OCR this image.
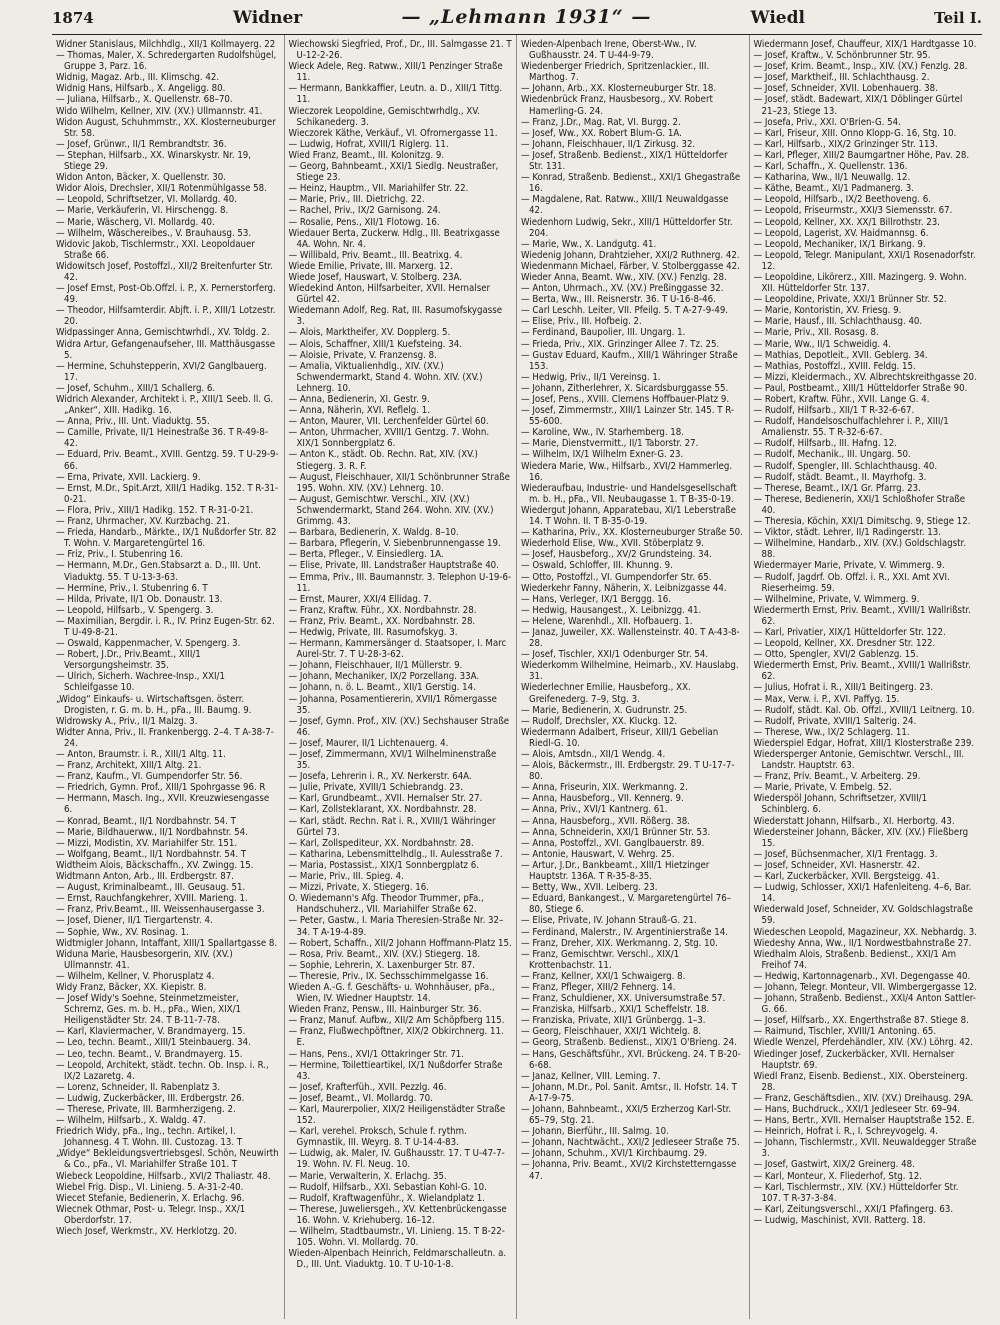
1874	Widner	— „Lehmann 1931“ —	Wiedl	Teil I.

Widner Stanislaus, Milchhdlg., XII/1 Kollmayerg. 22

— Thomas, Maler, X. Schredergarten Rudolfshügel, Gruppe 3, Parz. 16.

Widnig, Magaz. Arb., III. Klimschg. 42.

Widnig Hans, Hilfsarb., X. Angeligg. 80.

— Juliana, Hilfsarb., X. Quellenstr. 68–70.

Wido Wilhelm, Kellner, XIV. (XV.) Ullmannstr. 41.

Widon August, Schuhmmstr., XX. Klosterneuburger Str. 58.

— Josef, Grünwr., II/1 Rembrandtstr. 36.

— Stephan, Hilfsarb., XX. Winarskystr. Nr. 19, Stiege 29.

Widon Anton, Bäcker, X. Quellenstr. 30.

Widor Alois, Drechsler, XII/1 Rotenmühlgasse 58.

— Leopold, Schriftsetzer, VI. Mollardg. 40.

— Marie, Verkäuferin, VI. Hirschengg. 8.

— Marie, Wäscherg, VI. Mollardg. 40.

— Wilhelm, Wäschereibes., V. Brauhausg. 53.

Widovic Jakob, Tischlermstr., XXI. Leopoldauer Straße 66.

Widowitsch Josef, Postoffzl., XII/2 Breitenfurter Str. 42.

— Josef Ernst, Post-Ob.Offzl. i. P., X. Pernerstorferg. 49.

— Theodor, Hilfsamterdir. Abjft. i. P., XIII/1 Lotzestr. 20.

Widpassinger Anna, Gemischtwrhdl., XV. Toldg. 2.

Widra Artur, Gefangenaufseher, III. Matthäusgasse 5.

— Hermine, Schuhstepperin, XVI/2 Ganglbauerg. 17.

— Josef, Schuhm., XIII/1 Schallerg. 6.

Widrich Alexander, Architekt i. P., XIII/1 Seeb. ll. G. „Anker“, XIII. Hadikg. 16.

— Anna, Priv., III. Unt. Viaduktg. 55.

— Camille, Private, II/1 Heinestraße 36. T R-49-8-42.

— Eduard, Priv. Beamt., XVIII. Gentzg. 59. T U-29-9-66.

— Erna, Private, XVII. Lackierg. 9.

— Ernst, M.Dr., Spit.Arzt, XIII/1 Hadikg. 152. T R-31-0-21.

— Flora, Priv., XIII/1 Hadikg. 152. T R-31-0-21.

— Franz, Uhrmacher, XV. Kurzbachg. 21.

— Frieda, Handarb., Märkte., IX/1 Nußdorfer Str. 82 T. Wohn. V. Margaretengürtel 16.

— Friz, Priv., I. Stubenring 16.

— Hermann, M.Dr., Gen.Stabsarzt a. D., III. Unt. Viaduktg. 55. T U-13-3-63.

— Hermine, Priv., I. Stubenring 6. T

— Hilda, Private, II/1 Ob. Donaustr. 13.

— Leopold, Hilfsarb., V. Spengerg. 3.

— Maximilian, Bergdir. i. R., IV. Prinz Eugen-Str. 62. T U-49-8-21.

— Oswald, Kappenmacher, V. Spengerg. 3.

— Robert, J.Dr., Priv.Beamt., XIII/1 Versorgungsheimstr. 35.

— Ulrich, Sicherh. Wachree-Insp., XXI/1 Schleifgasse 10.

„Widog“ Einkaufs- u. Wirtschaftsgen. österr. Drogisten, r. G. m. b. H., pFa., III. Baumg. 9.

Widrowsky A., Priv., II/1 Malzg. 3.

Widter Anna, Priv., II. Frankenbergg. 2–4. T A-38-7-24.

— Anton, Braumstr. i. R., XIII/1 Altg. 11.

— Franz, Architekt, XIII/1 Altg. 21.

— Franz, Kaufm., VI. Gumpendorfer Str. 56.

— Friedrich, Gymn. Prof., XIII/1 Spohrgasse 96. R

— Hermann, Masch. Ing., XVII. Kreuzwiesengasse 6.

— Konrad, Beamt., II/1 Nordbahnstr. 54. T

— Marie, Bildhauerww., II/1 Nordbahnstr. 54.

— Mizzi, Modistin, XV. Mariahilfer Str. 151.

— Wolfgang, Beamt., II/1 Nordbahnstr. 54. T

Widtheim Alois, Bäckschaffn., XV. Zwingg. 15.

Widtmann Anton, Arb., III. Erdbergstr. 87.

— August, Kriminalbeamt., III. Geusaug. 51.

— Ernst, Rauchfangkehrer, XVIII. Marieng. 1.

— Franz, Priv.Beamt., III. Weissenhausergasse 3.

— Josef, Diener, II/1 Tiergartenstr. 4.

— Sophie, Ww., XV. Rosinag. 1.

Widtmigler Johann, Intaffant, XIII/1 Spallartgasse 8.

Widuna Marie, Hausbesorgerin, XIV. (XV.) Ullmannstr. 41.

— Wilhelm, Kellner, V. Phorusplatz 4.

Widy Franz, Bäcker, XX. Kiepistr. 8.

— Josef Widy's Soehne, Steinmetzmeister, Schremz, Ges. m. b. H., pFa., Wien, XIX/1 Heiligenstädter Str. 24. T B-11-7-78.

— Karl, Klaviermacher, V. Brandmayerg. 15.

— Leo, techn. Beamt., XIII/1 Steinbauerg. 34.

— Leo, techn. Beamt., V. Brandmayerg. 15.

— Leopold, Architekt, städt. techn. Ob. Insp. i. R., IX/2 Lazaretg. 4.

— Lorenz, Schneider, II. Rabenplatz 3.

— Ludwig, Zuckerbäcker, III. Erdbergstr. 26.

— Therese, Private, III. Barmherzigeng. 2.

— Wilhelm, Hilfsarb., X. Waldg. 47.

Friedrich Widy, pFa., Ing., techn. Artikel, I. Johannesg. 4 T. Wohn. III. Custozag. 13. T

„Widye“ Bekleidungsvertriebsgesl. Schön, Neuwirth & Co., pFa., VI. Mariahilfer Straße 101. T

Wiebeck Leopoldine, Hilfsarb., XVI/2 Thaliastr. 48.

Wiebel Frig. Disp., VI. Linieng. 5. A-31-2-40.

Wiecet Stefanie, Bedienerin, X. Erlachg. 96.

Wiecnek Othmar, Post- u. Telegr. Insp., XX/1 Oberdorfstr. 17.

Wiech Josef, Werkmstr., XV. Herklotzg. 20.

Wiechowski Siegfried, Prof., Dr., III. Salmgasse 21. T U-12-2-26.

Wieck Adele, Reg. Ratww., XIII/1 Penzinger Straße 11.

— Hermann, Bankkaffier, Leutn. a. D., XIII/1 Tittg. 11.

Wieczorek Leopoldine, Gemischtwrhdlg., XV. Schikanederg. 3.

Wieczorek Käthe, Verkäuf., VI. Ofrornergasse 11.

— Ludwig, Hofrat, XVIII/1 Riglerg. 11.

Wied Franz, Beamt., III. Kolonitzg. 9.

— Georg, Bahnbeamt., XXI/1 Siedlg. Neustraßer, Stiege 23.

— Heinz, Hauptm., VII. Mariahilfer Str. 22.

— Marie, Priv., III. Dietrichg. 22.

— Rachel, Priv., IX/2 Garnisong. 24.

— Rosalie, Pens., XII/1 Flotowg. 16.

Wiedauer Berta, Zuckerw. Hdlg., III. Beatrixgasse 4A. Wohn. Nr. 4.

— Willibald, Priv. Beamt., III. Beatrixg. 4.

Wiede Emilie, Private, III. Marxerg. 12.

Wiede Josef, Hauswart, V. Stolberg. 23A.

Wiedekind Anton, Hilfsarbeiter, XVII. Hernalser Gürtel 42.

Wiedemann Adolf, Reg. Rat, III. Rasumofskygasse 3.

— Alois, Marktheifer, XV. Dopplerg. 5.

— Alois, Schaffner, XIII/1 Kuefsteing. 34.

— Aloisie, Private, V. Franzensg. 8.

— Amalia, Viktualienhdlg., XIV. (XV.) Schwendermarkt, Stand 4. Wohn. XIV. (XV.) Lehnerg. 10.

— Anna, Bedienerin, XI. Gestr. 9.

— Anna, Näherin, XVI. Reflelg. 1.

— Anton, Maurer, VII. Lerchenfelder Gürtel 60.

— Anton, Uhrmacher, XVIII/1 Gentzg. 7. Wohn. XIX/1 Sonnbergplatz 6.

— Anton K., städt. Ob. Rechn. Rat, XIV. (XV.) Stiegerg. 3. R. F.

— August, Fleischhauer, XII/1 Schönbrunner Straße 195. Wohn. XIV. (XV.) Lehnerg. 10.

— August, Gemischtwr. Verschl., XIV. (XV.) Schwendermarkt, Stand 264. Wohn. XIV. (XV.) Grimmg. 43.

— Barbara, Bedienerin, X. Waldg. 8–10.

— Barbara, Pflegerin, V. Siebenbrunnengasse 19.

— Berta, Pfleger., V. Einsiedlerg. 1A.

— Elise, Private, III. Landstraßer Hauptstraße 40.

— Emma, Priv., III. Baumannstr. 3. Telephon U-19-6-11.

— Ernst, Maurer, XXI/4 Ellidag. 7.

— Franz, Kraftw. Führ., XX. Nordbahnstr. 28.

— Franz, Priv. Beamt., XX. Nordbahnstr. 28.

— Hedwig, Private, III. Rasumofskyg. 3.

— Hermann, Kammersänger d. Staatsoper, I. Marc Aurel-Str. 7. T U-28-3-62.

— Johann, Fleischhauer, II/1 Müllerstr. 9.

— Johann, Mechaniker, IX/2 Porzellang. 33A.

— Johann, n. ö. L. Beamt., XII/1 Gerstig. 14.

— Johanna, Posamentiererin, XVII/1 Römergasse 35.

— Josef, Gymn. Prof., XIV. (XV.) Sechshauser Straße 46.

— Josef, Maurer, II/1 Lichtenauerg. 4.

— Josef, Zimmermann, XVI/1 Wilhelminenstraße 35.

— Josefa, Lehrerin i. R., XV. Nerkerstr. 64A.

— Julie, Private, XVIII/1 Schiebrandg. 23.

— Karl, Grundbeamt., XVII. Hernalser Str. 27.

— Karl, Zollsteklarant, XX. Nordbahnstr. 28.

— Karl, städt. Rechn. Rat i. R., XVIII/1 Währinger Gürtel 73.

— Karl, Zollspediteur, XX. Nordbahnstr. 28.

— Katharina, Lebensmittelhdlg., II. Aulesstraße 7.

— Maria, Postassist., XIX/1 Sonnbergplatz 6.

— Marie, Priv., III. Spieg. 4.

— Mizzi, Private, X. Stiegerg. 16.

O. Wiedemann's Afg. Theodor Trummer, pFa., Handschuherz., VII. Mariahilfer Straße 62.

— Peter, Gastw., I. Maria Theresien-Straße Nr. 32–34. T A-19-4-89.

— Robert, Schaffn., XII/2 Johann Hoffmann-Platz 15.

— Rosa, Priv. Beamt., XIV. (XV.) Stiegerg. 18.

— Sophie, Lehrerin, X. Laxenburger Str. 87.

— Theresie, Priv., IX. Sechsschimmelgasse 16.

Wieden A.-G. f. Geschäfts- u. Wohnhäuser, pFa., Wien, IV. Wiedner Hauptstr. 14.

Wieden Franz, Pensw., III. Hainburger Str. 36.

— Franz, Manuf. Aufbw., XII/2 Am Schöpfberg 115.

— Franz, Flußwechpöftner, XIX/2 Obkirchnerg. 11. E.

— Hans, Pens., XVI/1 Ottakringer Str. 71.

— Hermine, Toilettieartikel, IX/1 Nußdorfer Straße 43.

— Josef, Krafterfüh., XVII. Pezzlg. 46.

— Josef, Beamt., VI. Mollardg. 70.

— Karl, Maurerpolier, XIX/2 Heiligenstädter Straße 152.

— Karl, verehel. Proksch, Schule f. rythm. Gymnastik, III. Weyrg. 8. T U-14-4-83.

— Ludwig, ak. Maler, IV. Gußhausstr. 17. T U-47-7-19. Wohn. IV. Fl. Neug. 10.

— Marie, Verwalterin, X. Erlachg. 35.

— Rudolf, Hilfsarb., XXI. Sebastian Kohl-G. 10.

— Rudolf, Kraftwagenführ., X. Wielandplatz 1.

— Therese, Juweliersgeh., XV. Kettenbrückengasse 16. Wohn. V. Kriehuberg. 16–12.

— Wilhelm, Stadtbaumstr., VI. Linieng. 15. T B-22-105. Wohn. VI. Mollardg. 70.

Wieden-Alpenbach Heinrich, Feldmarschalleutn. a. D., III. Unt. Viaduktg. 10. T U-10-1-8.

Wieden-Alpenbach Irene, Oberst-Ww., IV. Gußhausstr. 24. T U-44-9-79.

Wiedenberger Friedrich, Spritzenlackier., III. Marthog. 7.

— Johann, Arb., XX. Klosterneuburger Str. 18.

Wiedenbrück Franz, Hausbesorg., XV. Robert Hamerling-G. 24.

— Franz, J.Dr., Mag. Rat, VI. Burgg. 2.

— Josef, Ww., XX. Robert Blum-G. 1A.

— Johann, Fleischhauer, II/1 Zirkusg. 32.

— Josef, Straßenb. Bedienst., XIX/1 Hütteldorfer Str. 131.

— Konrad, Straßenb. Bedienst., XXI/1 Ghegastraße 16.

— Magdalene, Rat. Ratww., XIII/1 Neuwaldgasse 42.

Wiedenhorn Ludwig, Sekr., XIII/1 Hütteldorfer Str. 204.

— Marie, Ww., X. Landgutg. 41.

Wiedenig Johann, Drahtzieher, XXI/2 Ruthnerg. 42.

Wiedenmann Michael, Färber, V. Stolberggasse 42.

Wieder Anna, Beamt. Ww., XIV. (XV.) Fenzlg. 28.

— Anton, Uhrmach., XV. (XV.) Preßinggasse 32.

— Berta, Ww., III. Reisnerstr. 36. T U-16-8-46.

— Carl Leschh. Leiter, VII. Pfeilg. 5. T A-27-9-49.

— Elise, Priv., III. Hofbeig. 2.

— Ferdinand, Baupolier, III. Ungarg. 1.

— Frieda, Priv., XIX. Grinzinger Allee 7. Tz. 25.

— Gustav Eduard, Kaufm., XIII/1 Währinger Straße 153.

— Hedwig, Priv., II/1 Vereinsg. 1.

— Johann, Zitherlehrer, X. Sicardsburggasse 55.

— Josef, Pens., XVIII. Clemens Hoffbauer-Platz 9.

— Josef, Zimmermstr., XIII/1 Lainzer Str. 145. T R-55-600.

— Karoline, Ww., IV. Starhemberg. 18.

— Marie, Dienstvermitt., II/1 Taborstr. 27.

— Wilhelm, IX/1 Wilhelm Exner-G. 23.

Wiedera Marie, Ww., Hilfsarb., XVI/2 Hammerleg. 16.

Wiederaufbau, Industrie- und Handelsgesellschaft m. b. H., pFa., VII. Neubaugasse 1. T B-35-0-19.

Wiedergut Johann, Apparatebau, XI/1 Leberstraße 14. T Wohn. II. T B-35-0-19.

— Katharina, Priv., XX. Klosterneuburger Straße 50.

Wiederhold Elise, Ww., XVII. Stöberplatz 9.

— Josef, Hausbeforg., XV/2 Grundsteing. 34.

— Oswald, Schloffer, III. Khunng. 9.

— Otto, Postoffzl., VI. Gumpendorfer Str. 65.

Wiederkehr Fanny, Näherin, X. Leibnizgasse 44.

— Hans, Verleger, IX/1 Berggg. 16.

— Hedwig, Hausangest., X. Leibnizgg. 41.

— Helene, Warenhdl., XII. Hofbauerg. 1.

— Janaz, Juweiler, XX. Wallensteinstr. 40. T A-43-8-28.

— Josef, Tischler, XXI/1 Odenburger Str. 54.

Wiederkomm Wilhelmine, Heimarb., XV. Hauslabg. 31.

Wiederlechner Emilie, Hausbeforg., XX. Greifenederg. 7–9, Stg. 3.

— Marie, Bedienerin, X. Gudrunstr. 25.

— Rudolf, Drechsler, XX. Kluckg. 12.

Wiedermann Adalbert, Friseur, XIII/1 Gebelian Riedl-G. 10.

— Alois, Amtsdn., XII/1 Wendg. 4.

— Alois, Bäckermstr., III. Erdbergstr. 29. T U-17-7-80.

— Anna, Friseurin, XIX. Werkmanng. 2.

— Anna, Hausbeforg., VII. Kennerg. 9.

— Anna, Priv., XVI/1 Kantnerg. 61.

— Anna, Hausbeforg., XVII. Rößerg. 38.

— Anna, Schneiderin, XXI/1 Brünner Str. 53.

— Anna, Postoffzl., XVI. Ganglbauerstr. 89.

— Antonie, Hauswart, V. Wehrg. 25.

— Artur, J.Dr., Bankbeamt., XIII/1 Hietzinger Hauptstr. 136A. T R-35-8-35.

— Betty, Ww., XVII. Leiberg. 23.

— Eduard, Bankangest., V. Margaretengürtel 76–80, Stiege 6.

— Elise, Private, IV. Johann Strauß-G. 21.

— Ferdinand, Malerstr., IV. Argentinierstraße 14.

— Franz, Dreher, XIX. Werkmanng. 2, Stg. 10.

— Franz, Gemischtwr. Verschl., XIX/1 Krottenbachstr. 11.

— Franz, Kellner, XXI/1 Schwaigerg. 8.

— Franz, Pfleger, XIII/2 Fehnerg. 14.

— Franz, Schuldiener, XX. Universumstraße 57.

— Franziska, Hilfsarb., XXI/1 Scheffelstr. 18.

— Franziska, Private, XII/1 Grünbergg. 1–3.

— Georg, Fleischhauer, XXI/1 Wichtelg. 8.

— Georg, Straßenb. Bedienst., XIX/1 O'Brieng. 24.

— Hans, Geschäftsführ., XVI. Brückeng. 24. T B-20-6-68.

— Janaz, Kellner, VIII. Leming. 7.

— Johann, M.Dr., Pol. Sanit. Amtsr., II. Hofstr. 14. T A-17-9-75.

— Johann, Bahnbeamt., XXI/5 Erzherzog Karl-Str. 65–79, Stg. 21.

— Johann, Bierführ., III. Salmg. 10.

— Johann, Nachtwächt., XXI/2 Jedleseer Straße 75.

— Johann, Schuhm., XVI/1 Kirchbaumg. 29.

— Johanna, Priv. Beamt., XVI/2 Kirchstetterngasse 47.

Wiedermann Josef, Chauffeur, XIX/1 Hardtgasse 10.

— Josef, Kraftw., V. Schönbrunner Str. 95.

— Josef, Krim. Beamt., Insp., XIV. (XV.) Fenzlg. 28.

— Josef, Marktheif., III. Schlachthausg. 2.

— Josef, Schneider, XVII. Lobenhauerg. 38.

— Josef, städt. Badewart, XIX/1 Döblinger Gürtel 21–23, Stiege 13.

— Josefa, Priv., XXI. O'Brien-G. 54.

— Karl, Friseur, XIII. Onno Klopp-G. 16, Stg. 10.

— Karl, Hilfsarb., XIX/2 Grinzinger Str. 113.

— Karl, Pfleger, XIII/2 Baumgartner Höhe, Pav. 28.

— Karl, Schaffn., X. Quellenstr. 136.

— Katharina, Ww., II/1 Neuwallg. 12.

— Käthe, Beamt., XI/1 Padmanerg. 3.

— Leopold, Hilfsarb., IX/2 Beethoveng. 6.

— Leopold, Friseurmstr., XXI/3 Siemensstr. 67.

— Leopold, Kellner, XX. XX/1 Billrothstr. 23.

— Leopold, Lagerist, XV. Haidmannsg. 6.

— Leopold, Mechaniker, IX/1 Birkang. 9.

— Leopold, Telegr. Manipulant, XXI/1 Rosenadorfstr. 12.

— Leopoldine, Likörerz., XIII. Mazingerg. 9. Wohn. XII. Hütteldorfer Str. 137.

— Leopoldine, Private, XXI/1 Brünner Str. 52.

— Marie, Kontoristin, XV. Friesg. 9.

— Marie, Hausf., III. Schlachthausg. 40.

— Marie, Priv., XII. Rosasg. 8.

— Marie, Ww., II/1 Schweidig. 4.

— Mathias, Depotleit., XVII. Geblerg. 34.

— Mathias, Postoffzl., XVIII. Feldg. 15.

— Mizzi, Kleidermach., XV. Albrechtskreithgasse 20.

— Paul, Postbeamt., XIII/1 Hütteldorfer Straße 90.

— Robert, Kraftw. Führ., XVII. Lange G. 4.

— Rudolf, Hilfsarb., XII/1 T R-32-6-67.

— Rudolf, Handelsoschulfachlehrer i. P., XIII/1 Amalienstr. 55. T R-32-6-67.

— Rudolf, Hilfsarb., III. Hafng. 12.

— Rudolf, Mechanik., III. Ungarg. 50.

— Rudolf, Spengler, III. Schlachthausg. 40.

— Rudolf, städt. Beamt., II. Mayrhofg. 3.

— Therese, Beamt., IX/1 Gr. Pfarrg. 23.

— Therese, Bedienerin, XXI/1 Schloßhofer Straße 40.

— Theresia, Köchin, XXI/1 Dimitschg. 9, Stiege 12.

— Viktor, städt. Lehrer, II/1 Radingerstr. 13.

— Wilhelmine, Handarb., XIV. (XV.) Goldschlagstr. 88.

Wiedermayer Marie, Private, V. Wimmerg. 9.

— Rudolf, Jagdrf. Ob. Offzl. i. R., XXI. Amt XVI. Rieserheimg. 59.

— Wilhelmine, Private, V. Wimmerg. 9.

Wiedermerth Ernst, Priv. Beamt., XVIII/1 Wallrißstr. 62.

— Karl, Privatier, XIX/1 Hütteldorfer Str. 122.

— Leopold, Kellner, XX. Dresdner Str. 122.

— Otto, Spengler, XVI/2 Gablenzg. 15.

Wiedermerth Ernst, Priv. Beamt., XVIII/1 Wallrißstr. 62.

— Julius, Hofrat i. R., XIII/1 Beitingerg. 23.

— Max, Verw. i. P., XVI. Paffyg. 15.

— Rudolf, städt. Kal. Ob. Offzl., XVIII/1 Leitnerg. 10.

— Rudolf, Private, XVIII/1 Salterig. 24.

— Therese, Ww., IX/2 Schlagerg. 11.

Wiederspiel Edgar, Hofrat, XIII/1 Klosterstraße 239.

Wiedersperger Antonie, Gemischtwr. Verschl., III. Landstr. Hauptstr. 63.

— Franz, Priv. Beamt., V. Arbeiterg. 29.

— Marie, Private, V. Embelg. 52.

Wiederspöl Johann, Schriftsetzer, XVIII/1 Schinblerg. 6.

Wiederstatt Johann, Hilfsarb., XI. Herbortg. 43.

Wiedersteiner Johann, Bäcker, XIV. (XV.) Fließberg 15.

— Josef, Büchsenmacher, XI/1 Frentagg. 3.

— Josef, Schneider, XVI. Hasnerstr. 42.

— Karl, Zuckerbäcker, XVII. Bergsteigg. 41.

— Ludwig, Schlosser, XXI/1 Hafenleiteng. 4–6, Bar. 14.

Wiederwald Josef, Schneider, XV. Goldschlagstraße 59.

Wiedeschen Leopold, Magazineur, XX. Nebhardg. 3.

Wiedeshy Anna, Ww., II/1 Nordwestbahnstraße 27.

Wiedhalm Alois, Straßenb. Bedienst., XXI/1 Am Freihof 74.

— Hedwig, Kartonnagenarb., XVI. Degengasse 40.

— Johann, Telegr. Monteur, VII. Wimbergergasse 12.

— Johann, Straßenb. Bedienst., XXI/4 Anton Sattler-G. 66.

— Josef, Hilfsarb., XX. Engerthstraße 87. Stiege 8.

— Raimund, Tischler, XVIII/1 Antoning. 65.

Wiedle Wenzel, Pferdehändler, XIV. (XV.) Löhrg. 42.

Wiedinger Josef, Zuckerbäcker, XVII. Hernalser Hauptstr. 69.

Wiedl Franz, Eisenb. Bedienst., XIX. Obersteinerg. 28.

— Franz, Geschäftsdien., XIV. (XV.) Dreihausg. 29A.

— Hans, Buchdruck., XXI/1 Jedleseer Str. 69–94.

— Hans, Bertr., XVII. Hernalser Hauptstraße 152. E.

— Heinrich, Hofrat i. R., I. Schreyvogelg. 4.

— Johann, Tischlermstr., XVII. Neuwaldegger Straße 3.

— Josef, Gastwirt, XIX/2 Greinerg. 48.

— Karl, Monteur, X. Fliederhof, Stg. 12.

— Karl, Tischlermstr., XIV. (XV.) Hütteldorfer Str. 107. T R-37-3-84.

— Karl, Zeitungsverschl., XXI/1 Pfafingerg. 63.

— Ludwig, Maschinist, XVII. Ratterg. 18.
